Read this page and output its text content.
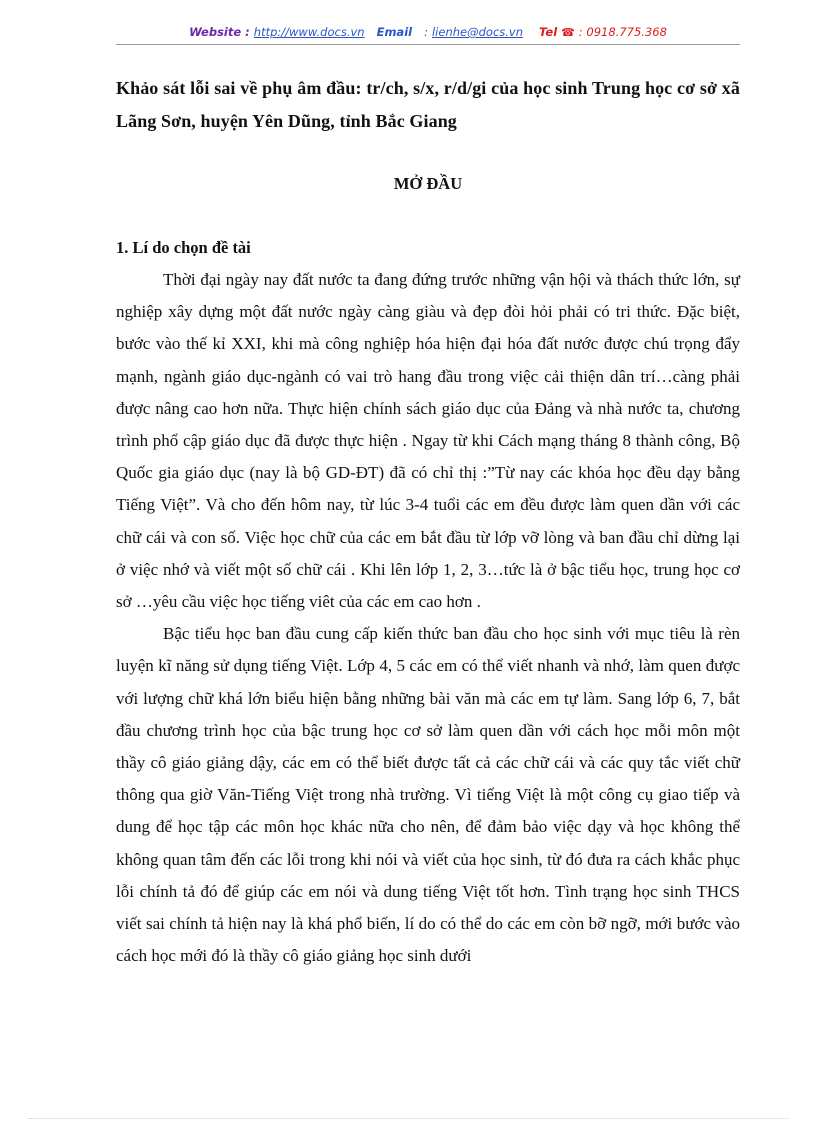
Website : http://www.docs.vn Email : lienhe@docs.vn Tel ☎ : 0918.775.368
Khảo sát lỗi sai về phụ âm đầu: tr/ch, s/x, r/d/gi của học sinh Trung học cơ sở xã Lãng Sơn, huyện Yên Dũng, tỉnh Bắc Giang
MỞ ĐẦU
1. Lí do chọn đề tài

Thời đại ngày nay đất nước ta đang đứng trước những vận hội và thách thức lớn, sự nghiệp xây dựng một đất nước ngày càng giàu và đẹp đòi hỏi phải có tri thức. Đặc biệt, bước vào thế kỉ XXI, khi mà công nghiệp hóa hiện đại hóa đất nước được chú trọng đẩy mạnh, ngành giáo dục-ngành có vai trò hang đầu trong việc cải thiện dân trí…càng phải được nâng cao hơn nữa. Thực hiện chính sách giáo dục của Đảng và nhà nước ta, chương trình phổ cập giáo dục đã được thực hiện . Ngay từ khi Cách mạng tháng 8 thành công, Bộ Quốc gia giáo dục (nay là bộ GD-ĐT) đã có chỉ thị :”Từ nay các khóa học đều dạy bằng Tiếng Việt”. Và cho đến hôm nay, từ lúc 3-4 tuổi các em đều được làm quen dần với các chữ cái và con số. Việc học chữ của các em bắt đầu từ lớp vỡ lòng và ban đầu chỉ dừng lại ở việc nhớ và viết một số chữ cái . Khi lên lớp 1, 2, 3…tức là ở bậc tiểu học, trung học cơ sở …yêu cầu việc học tiếng viêt của các em cao hơn .

Bậc tiểu học ban đầu cung cấp kiến thức ban đầu cho học sinh với mục tiêu là rèn luyện kĩ năng sử dụng tiếng Việt. Lớp 4, 5 các em có thể viết nhanh và nhớ, làm quen được với lượng chữ khá lớn biểu hiện bằng những bài văn mà các em tự làm. Sang lớp 6, 7, bắt đầu chương trình học của bậc trung học cơ sở làm quen dần với cách học mỗi môn một thầy cô giáo giảng dậy, các em có thể biết được tất cả các chữ cái và các quy tắc viết chữ thông qua giờ Văn-Tiếng Việt trong nhà trường. Vì tiếng Việt là một công cụ giao tiếp và dung để học tập các môn học khác nữa cho nên, để đảm bảo việc dạy và học không thể không quan tâm đến các lỗi trong khi nói và viết của học sinh, từ đó đưa ra cách khắc phục lỗi chính tả đó để giúp các em nói và dung tiếng Việt tốt hơn. Tình trạng học sinh THCS viết sai chính tả hiện nay là khá phổ biến, lí do có thể do các em còn bỡ ngỡ, mới bước vào cách học mới đó là thầy cô giáo giảng học sinh dưới
